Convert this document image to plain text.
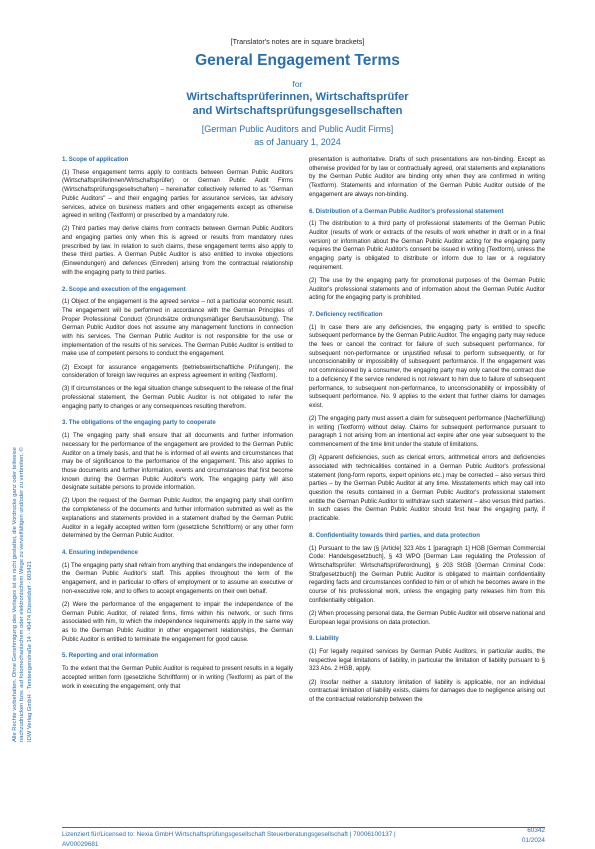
[Translator's notes are in square brackets]
General Engagement Terms
for
Wirtschaftsprüferinnen, Wirtschaftsprüfer
and Wirtschaftsprüfungsgesellschaften
[German Public Auditors and Public Audit Firms]
as of January 1, 2024
1. Scope of application
(1) These engagement terms apply to contracts between German Public Auditors (Wirtschaftsprüferinnen/Wirtschaftsprüfer) or German Public Audit Firms (Wirtschaftsprüfungsgesellschaften) – hereinafter collectively referred to as "German Public Auditors" – and their engaging parties for assurance services, tax advisory services, advice on business matters and other engagements except as otherwise agreed in writing (Textform) or prescribed by a mandatory rule.
(2) Third parties may derive claims from contracts between German Public Auditors and engaging parties only when this is agreed or results from mandatory rules prescribed by law. In relation to such claims, these engagement terms also apply to these third parties. A German Public Auditor is also entitled to invoke objections (Einwendungen) and defences (Einreden) arising from the contractual relationship with the engaging party to third parties.
2. Scope and execution of the engagement
(1) Object of the engagement is the agreed service – not a particular economic result. The engagement will be performed in accordance with the German Principles of Proper Professional Conduct (Grundsätze ordnungsmäßiger Berufsausübung). The German Public Auditor does not assume any management functions in connection with his services. The German Public Auditor is not responsible for the use or implementation of the results of his services. The German Public Auditor is entitled to make use of competent persons to conduct the engagement.
(2) Except for assurance engagements (betriebswirtschaftliche Prüfungen), the consideration of foreign law requires an express agreement in writing (Textform).
(3) If circumstances or the legal situation change subsequent to the release of the final professional statement, the German Public Auditor is not obligated to refer the engaging party to changes or any consequences resulting therefrom.
3. The obligations of the engaging party to cooperate
(1) The engaging party shall ensure that all documents and further information necessary for the performance of the engagement are provided to the German Public Auditor on a timely basis, and that he is informed of all events and circumstances that may be of significance to the performance of the engagement. This also applies to those documents and further information, events and circumstances that first become known during the German Public Auditor's work. The engaging party will also designate suitable persons to provide information.
(2) Upon the request of the German Public Auditor, the engaging party shall confirm the completeness of the documents and further information submitted as well as the explanations and statements provided in a statement drafted by the German Public Auditor in a legally accepted written form (gesetzliche Schriftform) or any other form determined by the German Public Auditor.
4. Ensuring independence
(1) The engaging party shall refrain from anything that endangers the independence of the German Public Auditor's staff. This applies throughout the term of the engagement, and in particular to offers of employment or to assume an executive or non-executive role, and to offers to accept engagements on their own behalf.
(2) Were the performance of the engagement to impair the independence of the German Public Auditor, of related firms, firms within his network, or such firms associated with him, to which the independence requirements apply in the same way as to the German Public Auditor in other engagement relationships, the German Public Auditor is entitled to terminate the engagement for good cause.
5. Reporting and oral information
To the extent that the German Public Auditor is required to present results in a legally accepted written form (gesetzliche Schriftform) or in writing (Textform) as part of the work in executing the engagement, only that
presentation is authoritative. Drafts of such presentations are non-binding. Except as otherwise provided for by law or contractually agreed, oral statements and explanations by the German Public Auditor are binding only when they are confirmed in writing (Textform). Statements and information of the German Public Auditor outside of the engagement are always non-binding.
6. Distribution of a German Public Auditor's professional statement
(1) The distribution to a third party of professional statements of the German Public Auditor (results of work or extracts of the results of work whether in draft or in a final version) or information about the German Public Auditor acting for the engaging party requires the German Public Auditor's consent be issued in writing (Textform), unless the engaging party is obligated to distribute or inform due to law or a regulatory requirement.
(2) The use by the engaging party for promotional purposes of the German Public Auditor's professional statements and of information about the German Public Auditor acting for the engaging party is prohibited.
7. Deficiency rectification
(1) In case there are any deficiencies, the engaging party is entitled to specific subsequent performance by the German Public Auditor. The engaging party may reduce the fees or cancel the contract for failure of such subsequent performance, for subsequent non-performance or unjustified refusal to perform subsequently, or for unconscionability or impossibility of subsequent performance. If the engagement was not commissioned by a consumer, the engaging party may only cancel the contract due to a deficiency if the service rendered is not relevant to him due to failure of subsequent performance, to subsequent non-performance, to unconscionability or impossibility of subsequent performance. No. 9 applies to the extent that further claims for damages exist.
(2) The engaging party must assert a claim for subsequent performance (Nacherfüllung) in writing (Textform) without delay. Claims for subsequent performance pursuant to paragraph 1 not arising from an intentional act expire after one year subsequent to the commencement of the time limit under the statute of limitations.
(3) Apparent deficiencies, such as clerical errors, arithmetical errors and deficiencies associated with technicalities contained in a German Public Auditor's professional statement (long-form reports, expert opinions etc.) may be corrected – also versus third parties – by the German Public Auditor at any time. Misstatements which may call into question the results contained in a German Public Auditor's professional statement entitle the German Public Auditor to withdraw such statement – also versus third parties. In such cases the German Public Auditor should first hear the engaging party, if practicable.
8. Confidentiality towards third parties, and data protection
(1) Pursuant to the law (§ [Article] 323 Abs 1 [paragraph 1] HGB [German Commercial Code: Handelsgesetzbuch], § 43 WPO [German Law regulating the Profession of Wirtschaftsprüfer: Wirtschaftsprüferordnung], § 203 StGB [German Criminal Code: Strafgesetzbuch]) the German Public Auditor is obligated to maintain confidentiality regarding facts and circumstances confided to him or of which he becomes aware in the course of his professional work, unless the engaging party releases him from this confidentiality obligation.
(2) When processing personal data, the German Public Auditor will observe national and European legal provisions on data protection.
9. Liability
(1) For legally required services by German Public Auditors, in particular audits, the respective legal limitations of liability, in particular the limitation of liability pursuant to § 323 Abs. 2 HGB, apply.
(2) Insofar neither a statutory limitation of liability is applicable, nor an individual contractual limitation of liability exists, claims for damages due to negligence arising out of the contractual relationship between the
Alle Rechte vorbehalten. Ohne Genehmigung des Verlages ist es nicht gestattet, die Vordrucke ganz oder teilweise nachzudrucken bzw. auf fotomechanischem oder elektronischem Wege zu vervielfältigen und/oder zu verbreiten. © IDW Verlag GmbH · Tersteegenstraße 14 · 40474 Düsseldorf · 603421
Lizenziert für/Licensed to: Nexia GmbH Wirtschaftsprüfungsgesellschaft Steuerberatungsgesellschaft | 70006100137 |
AV00029681
60342
01/2024
